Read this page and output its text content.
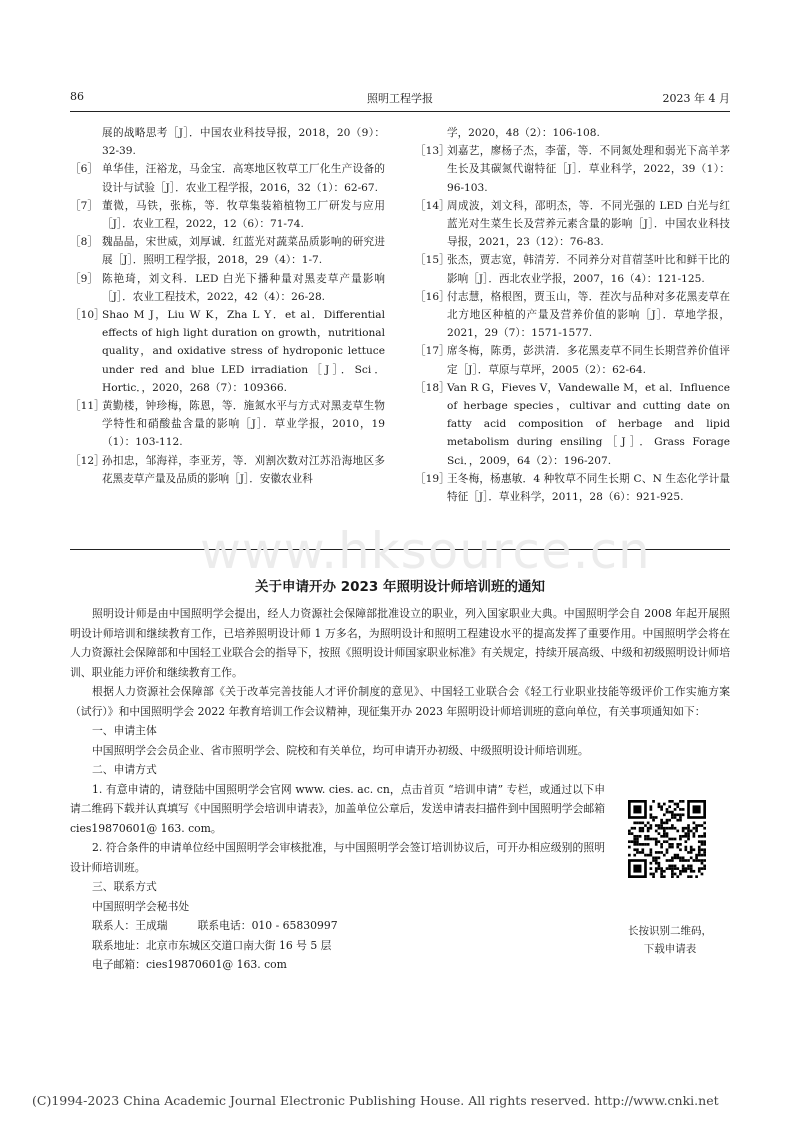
86	照明工程学报	2023 年 4 月
展的战略思考［J］．中国农业科技导报，2018，20（9）：32-39.
［6］ 单华佳，汪裕龙，马金宝．高寒地区牧草工厂化生产设备的设计与试验［J］．农业工程学报，2016，32（1）：62-67.
［7］ 董微，马铁，张栋，等．牧草集装箱植物工厂研发与应用［J］．农业工程，2022，12（6）：71-74.
［8］ 魏晶晶，宋世威，刘厚诚．红蓝光对蔬菜品质影响的研究进展［J］．照明工程学报，2018，29（4）：1-7.
［9］ 陈艳琦，刘文科．LED 白光下播种量对黑麦草产量影响［J］．农业工程技术，2022，42（4）：26-28.
［10］
Shao M J，Liu W K，Zha L Y．et al．Differential effects of high light duration on growth，nutritional quality，and oxidative stress of hydroponic lettuce under red and blue LED irradiation［J］．Sci．Hortic．，2020，268（7）：109366.
［11］
黄勤楼，钟珍梅，陈恩，等．施氮水平与方式对黑麦草生物学特性和硝酸盐含量的影响［J］．草业学报，2010，19（1）：103-112.
［12］
孙扣忠，邹海祥，李亚芳，等．刈割次数对江苏沿海地区多花黑麦草产量及品质的影响［J］．安徽农业科
学，2020，48（2）：106-108.
［13］
刘嘉艺，廖杨子杰，李蕾，等．不同氮处理和弱光下高羊茅生长及其碳氮代谢特征［J］．草业科学，2022，39（1）：96-103.
［14］
周成波，刘文科，邵明杰，等．不同光强的 LED 白光与红蓝光对生菜生长及营养元素含量的影响［J］．中国农业科技导报，2021，23（12）：76-83.
［15］
张杰，贾志宽，韩清芳．不同养分对苜蓿茎叶比和鲜干比的影响［J］．西北农业学报，2007，16（4）：121-125.
［16］
付志慧，格根图，贾玉山，等．茬次与品种对多花黑麦草在北方地区种植的产量及营养价值的影响［J］．草地学报，2021，29（7）：1571-1577.
［17］
席冬梅，陈勇，彭洪清．多花黑麦草不同生长期营养价值评定［J］．草原与草坪，2005（2）：62-64.
［18］
Van R G，Fieves V，Vandewalle M，et al．Influence of herbage species，cultivar and cutting date on fatty acid composition of herbage and lipid metabolism during ensiling［J］．Grass Forage Sci．，2009，64（2）：196-207.
［19］
王冬梅，杨惠敏．4 种牧草不同生长期 C、N 生态化学计量特征［J］．草业科学，2011，28（6）：921-925.
www.hksource.cn
关于申请开办 2023 年照明设计师培训班的通知

照明设计师是由中国照明学会提出，经人力资源社会保障部批准设立的职业，列入国家职业大典。中国照明学会自 2008 年起开展照明设计师培训和继续教育工作，已培养照明设计师 1 万多名，为照明设计和照明工程建设水平的提高发挥了重要作用。中国照明学会将在人力资源社会保障部和中国轻工业联合会的指导下，按照《照明设计师国家职业标准》有关规定，持续开展高级、中级和初级照明设计师培训、职业能力评价和继续教育工作。

根据人力资源社会保障部《关于改革完善技能人才评价制度的意见》、中国轻工业联合会《轻工行业职业技能等级评价工作实施方案（试行）》和中国照明学会 2022 年教育培训工作会议精神，现征集开办 2023 年照明设计师培训班的意向单位，有关事项通知如下：

一、申请主体

中国照明学会会员企业、省市照明学会、院校和有关单位，均可申请开办初级、中级照明设计师培训班。

二、申请方式

1. 有意申请的，请登陆中国照明学会官网 www. cies. ac. cn，点击首页 “培训申请” 专栏，或通过以下申请二维码下载并认真填写《中国照明学会培训申请表》，加盖单位公章后，发送申请表扫描件到中国照明学会邮箱 cies19870601@ 163. com。

2. 符合条件的申请单位经中国照明学会审核批准，与中国照明学会签订培训协议后，可开办相应级别的照明设计师培训班。

三、联系方式

中国照明学会秘书处

联系人：王成瑞	联系电话：010 - 65830997

联系地址：北京市东城区交道口南大街 16 号 5 层

电子邮箱：cies19870601@ 163. com

长按识别二维码，
下载申请表
(C)1994-2023 China Academic Journal Electronic Publishing House. All rights reserved. http://www.cnki.net
